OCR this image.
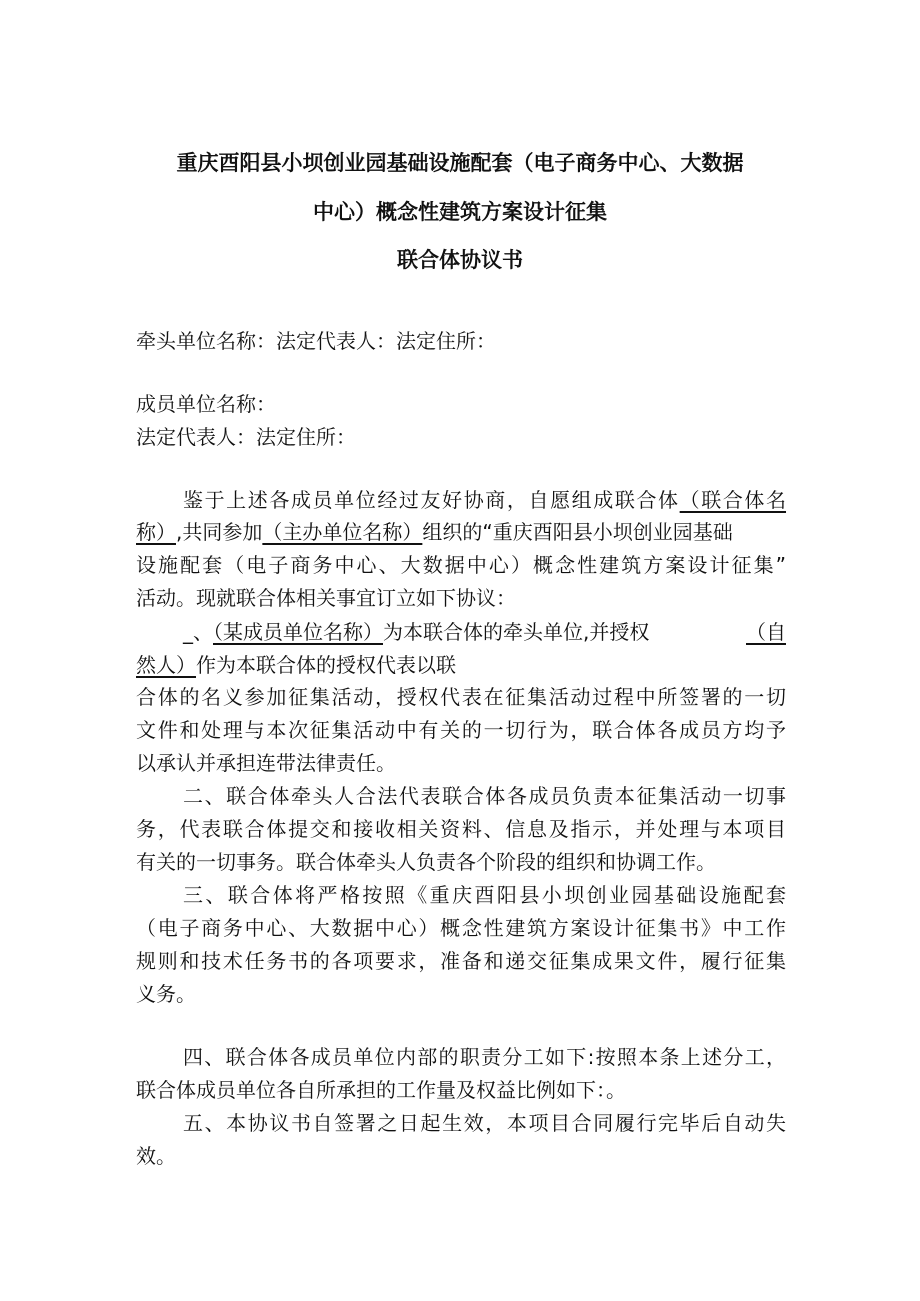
重庆酉阳县小坝创业园基础设施配套（电子商务中心、大数据
中心）概念性建筑方案设计征集
联合体协议书
牵头单位名称：法定代表人：法定住所：
成员单位名称：
法定代表人：法定住所：
鉴于上述各成员单位经过友好协商，自愿组成联合体（联合体名
称）,共同参加（主办单位名称）组织的“重庆酉阳县小坝创业园基础
设施配套（电子商务中心、大数据中心）概念性建筑方案设计征集”
活动。现就联合体相关事宜订立如下协议：
_、（某成员单位名称）为本联合体的牵头单位,并授权	（自
然人）作为本联合体的授权代表以联
合体的名义参加征集活动，授权代表在征集活动过程中所签署的一切
文件和处理与本次征集活动中有关的一切行为，联合体各成员方均予
以承认并承担连带法律责任。
二、联合体牵头人合法代表联合体各成员负责本征集活动一切事
务，代表联合体提交和接收相关资料、信息及指示，并处理与本项目
有关的一切事务。联合体牵头人负责各个阶段的组织和协调工作。
三、联合体将严格按照《重庆酉阳县小坝创业园基础设施配套
（电子商务中心、大数据中心）概念性建筑方案设计征集书》中工作
规则和技术任务书的各项要求，准备和递交征集成果文件，履行征集
义务。
四、联合体各成员单位内部的职责分工如下:按照本条上述分工，
联合体成员单位各自所承担的工作量及权益比例如下：。
五、本协议书自签署之日起生效，本项目合同履行完毕后自动失
效。
